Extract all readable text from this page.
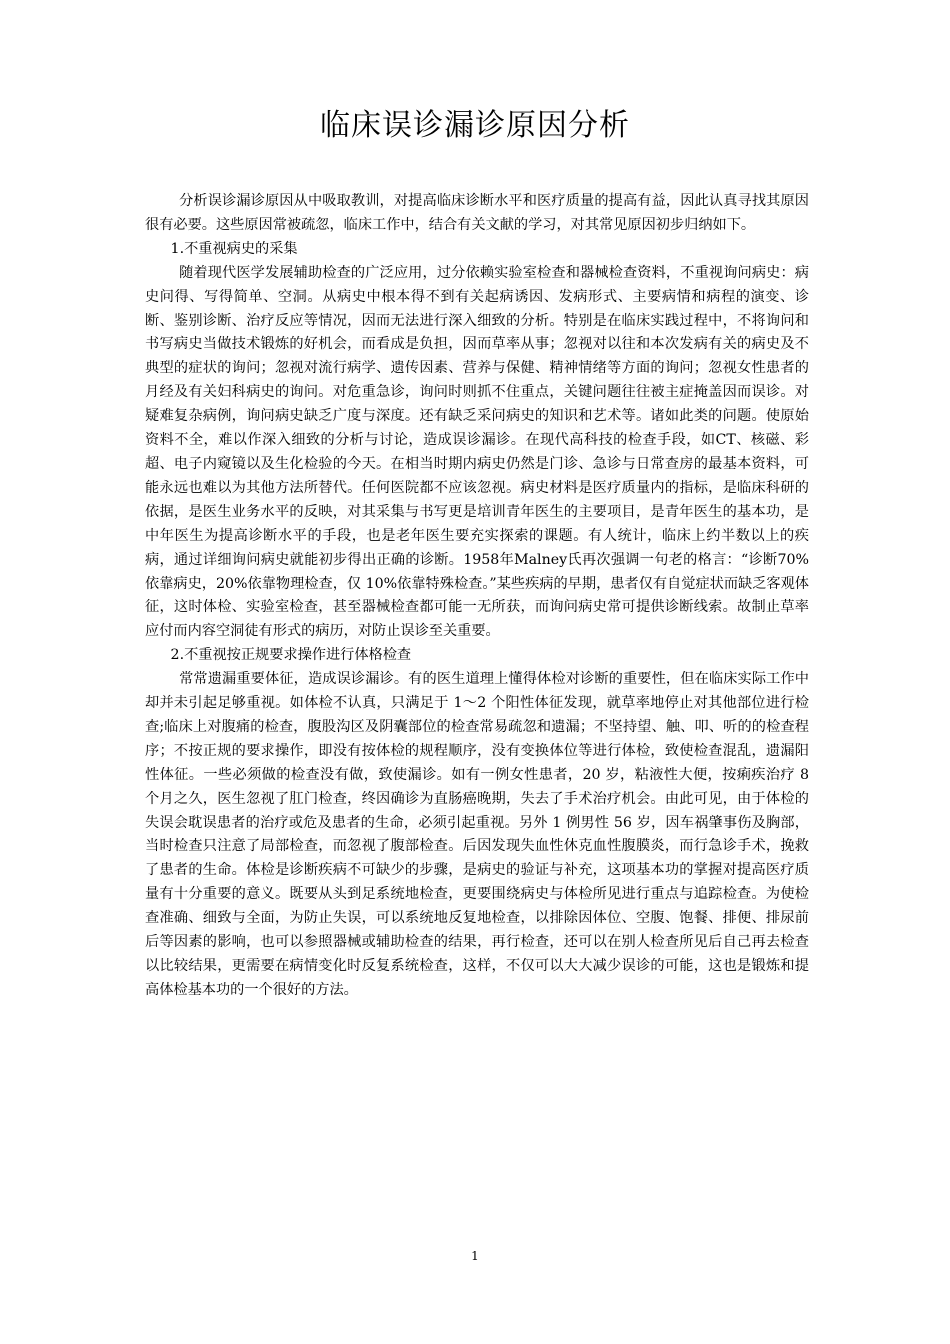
临床误诊漏诊原因分析

分析误诊漏诊原因从中吸取教训，对提高临床诊断水平和医疗质量的提高有益，因此认真寻找其原因很有必要。这些原因常被疏忽，临床工作中，结合有关文献的学习，对其常见原因初步归纳如下。

1.不重视病史的采集

随着现代医学发展辅助检查的广泛应用，过分依赖实验室检查和器械检查资料，不重视询问病史：病史问得、写得简单、空洞。从病史中根本得不到有关起病诱因、发病形式、主要病情和病程的演变、诊断、鉴别诊断、治疗反应等情况，因而无法进行深入细致的分析。特别是在临床实践过程中，不将询问和书写病史当做技术锻炼的好机会，而看成是负担，因而草率从事；忽视对以往和本次发病有关的病史及不典型的症状的询问；忽视对流行病学、遗传因素、营养与保健、精神情绪等方面的询问；忽视女性患者的月经及有关妇科病史的询问。对危重急诊，询问时则抓不住重点，关键问题往往被主症掩盖因而误诊。对疑难复杂病例，询问病史缺乏广度与深度。还有缺乏采问病史的知识和艺术等。诸如此类的问题。使原始资料不全，难以作深入细致的分析与讨论，造成误诊漏诊。在现代高科技的检查手段，如CT、核磁、彩超、电子内窥镜以及生化检验的今天。在相当时期内病史仍然是门诊、急诊与日常查房的最基本资料，可能永远也难以为其他方法所替代。任何医院都不应该忽视。病史材料是医疗质量内的指标，是临床科研的依据，是医生业务水平的反映，对其采集与书写更是培训青年医生的主要项目，是青年医生的基本功，是中年医生为提高诊断水平的手段，也是老年医生要充实探索的课题。有人统计，临床上约半数以上的疾病，通过详细询问病史就能初步得出正确的诊断。1958年Malney氏再次强调一句老的格言：“诊断70%依靠病史，20%依靠物理检查，仅 10%依靠特殊检查。”某些疾病的早期，患者仅有自觉症状而缺乏客观体征，这时体检、实验室检查，甚至器械检查都可能一无所获，而询问病史常可提供诊断线索。故制止草率应付而内容空洞徒有形式的病历，对防止误诊至关重要。

2.不重视按正规要求操作进行体格检查

常常遗漏重要体征，造成误诊漏诊。有的医生道理上懂得体检对诊断的重要性，但在临床实际工作中却并未引起足够重视。如体检不认真，只满足于 1～2 个阳性体征发现，就草率地停止对其他部位进行检查;临床上对腹痛的检查，腹股沟区及阴囊部位的检查常易疏忽和遗漏；不坚持望、触、叩、听的的检查程序；不按正规的要求操作，即没有按体检的规程顺序，没有变换体位等进行体检，致使检查混乱，遗漏阳性体征。一些必须做的检查没有做，致使漏诊。如有一例女性患者，20 岁，粘液性大便，按痢疾治疗 8 个月之久，医生忽视了肛门检查，终因确诊为直肠癌晚期，失去了手术治疗机会。由此可见，由于体检的失误会耽误患者的治疗或危及患者的生命，必须引起重视。另外 1 例男性 56 岁，因车祸肇事伤及胸部，当时检查只注意了局部检查，而忽视了腹部检查。后因发现失血性休克血性腹膜炎，而行急诊手术，挽救了患者的生命。体检是诊断疾病不可缺少的步骤，是病史的验证与补充，这项基本功的掌握对提高医疗质量有十分重要的意义。既要从头到足系统地检查，更要围绕病史与体检所见进行重点与追踪检查。为使检查准确、细致与全面，为防止失误，可以系统地反复地检查，以排除因体位、空腹、饱餐、排便、排尿前后等因素的影响，也可以参照器械或辅助检查的结果，再行检查，还可以在别人检查所见后自己再去检查以比较结果，更需要在病情变化时反复系统检查，这样，不仅可以大大减少误诊的可能，这也是锻炼和提高体检基本功的一个很好的方法。

1
